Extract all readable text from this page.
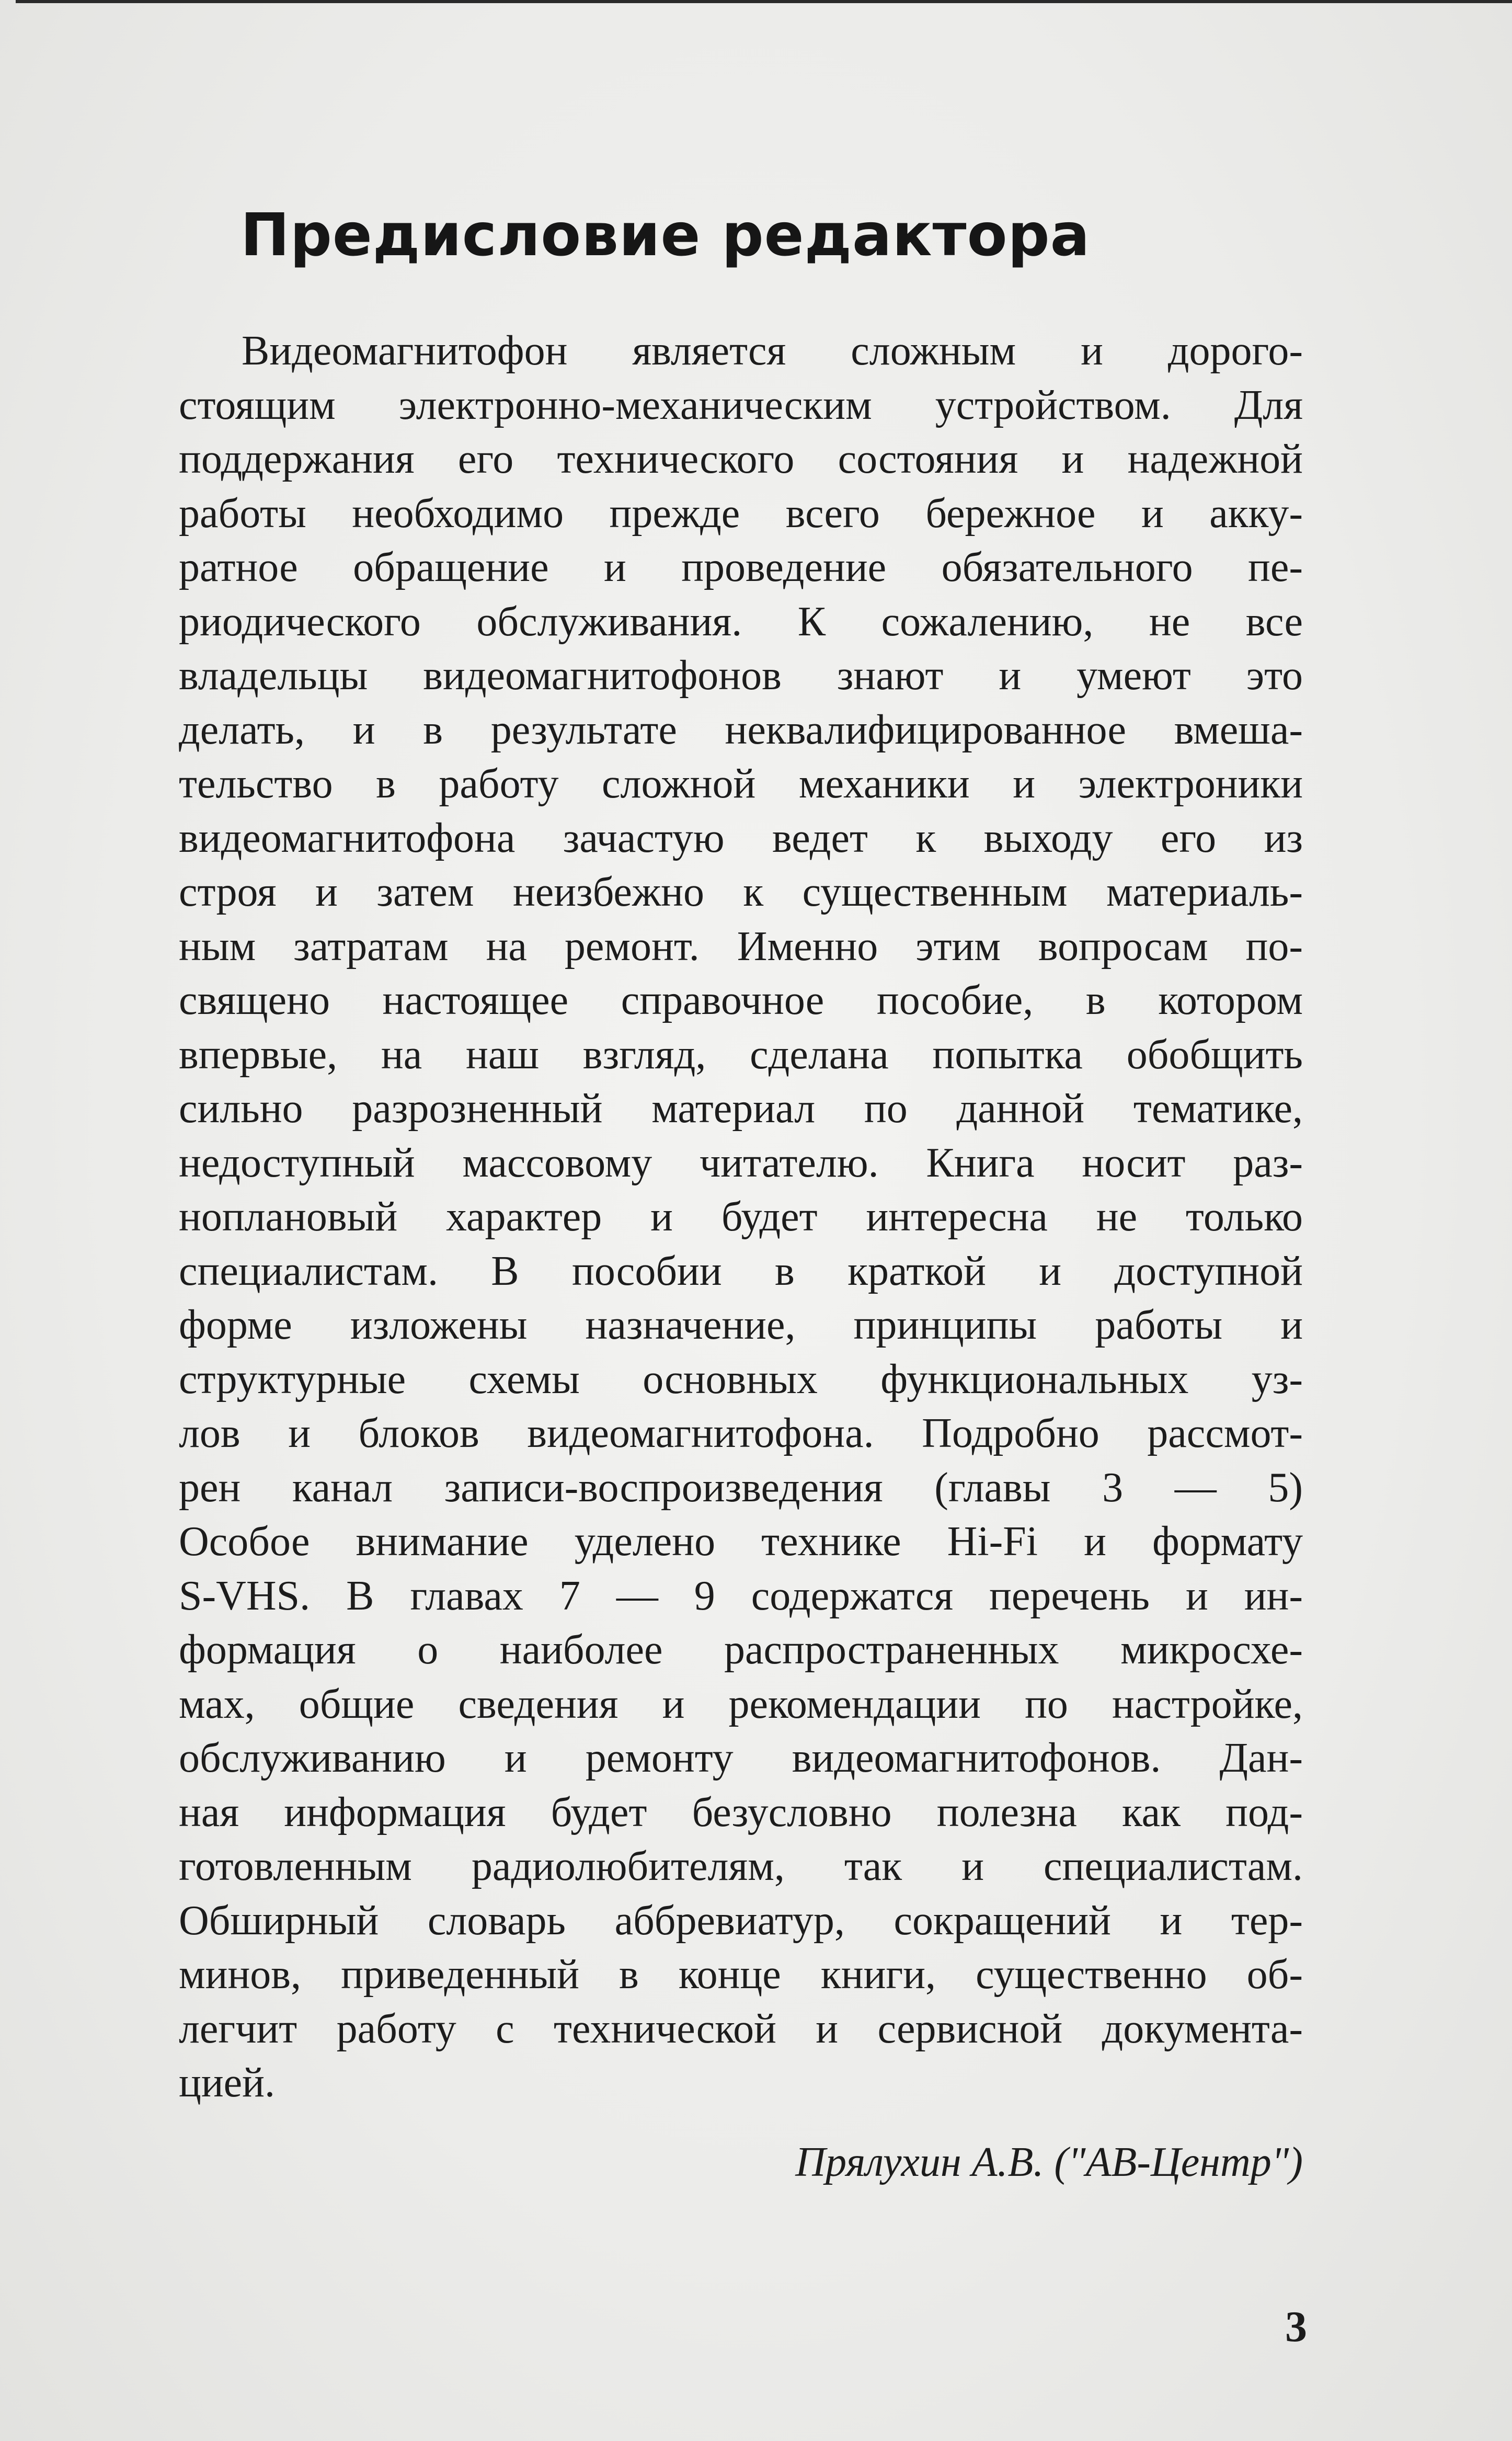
Предисловие редактора
Видеомагнитофон является сложным и дорого-
стоящим электронно-механическим устройством. Для
поддержания его технического состояния и надежной
работы необходимо прежде всего бережное и акку-
ратное обращение и проведение обязательного пе-
риодического обслуживания. К сожалению, не все
владельцы видеомагнитофонов знают и умеют это
делать, и в результате неквалифицированное вмеша-
тельство в работу сложной механики и электроники
видеомагнитофона зачастую ведет к выходу его из
строя и затем неизбежно к существенным материаль-
ным затратам на ремонт. Именно этим вопросам по-
священо настоящее справочное пособие, в котором
впервые, на наш взгляд, сделана попытка обобщить
сильно разрозненный материал по данной тематике,
недоступный массовому читателю. Книга носит раз-
ноплановый характер и будет интересна не только
специалистам. В пособии в краткой и доступной
форме изложены назначение, принципы работы и
структурные схемы основных функциональных уз-
лов и блоков видеомагнитофона. Подробно рассмот-
рен канал записи-воспроизведения (главы 3 — 5)
Особое внимание уделено технике Hi-Fi и формату
S-VHS. В главах 7 — 9 содержатся перечень и ин-
формация о наиболее распространенных микросхе-
мах, общие сведения и рекомендации по настройке,
обслуживанию и ремонту видеомагнитофонов. Дан-
ная информация будет безусловно полезна как под-
готовленным радиолюбителям, так и специалистам.
Обширный словарь аббревиатур, сокращений и тер-
минов, приведенный в конце книги, существенно об-
легчит работу с технической и сервисной документа-
цией.
Прялухин А.В. ("АВ-Центр")
3
